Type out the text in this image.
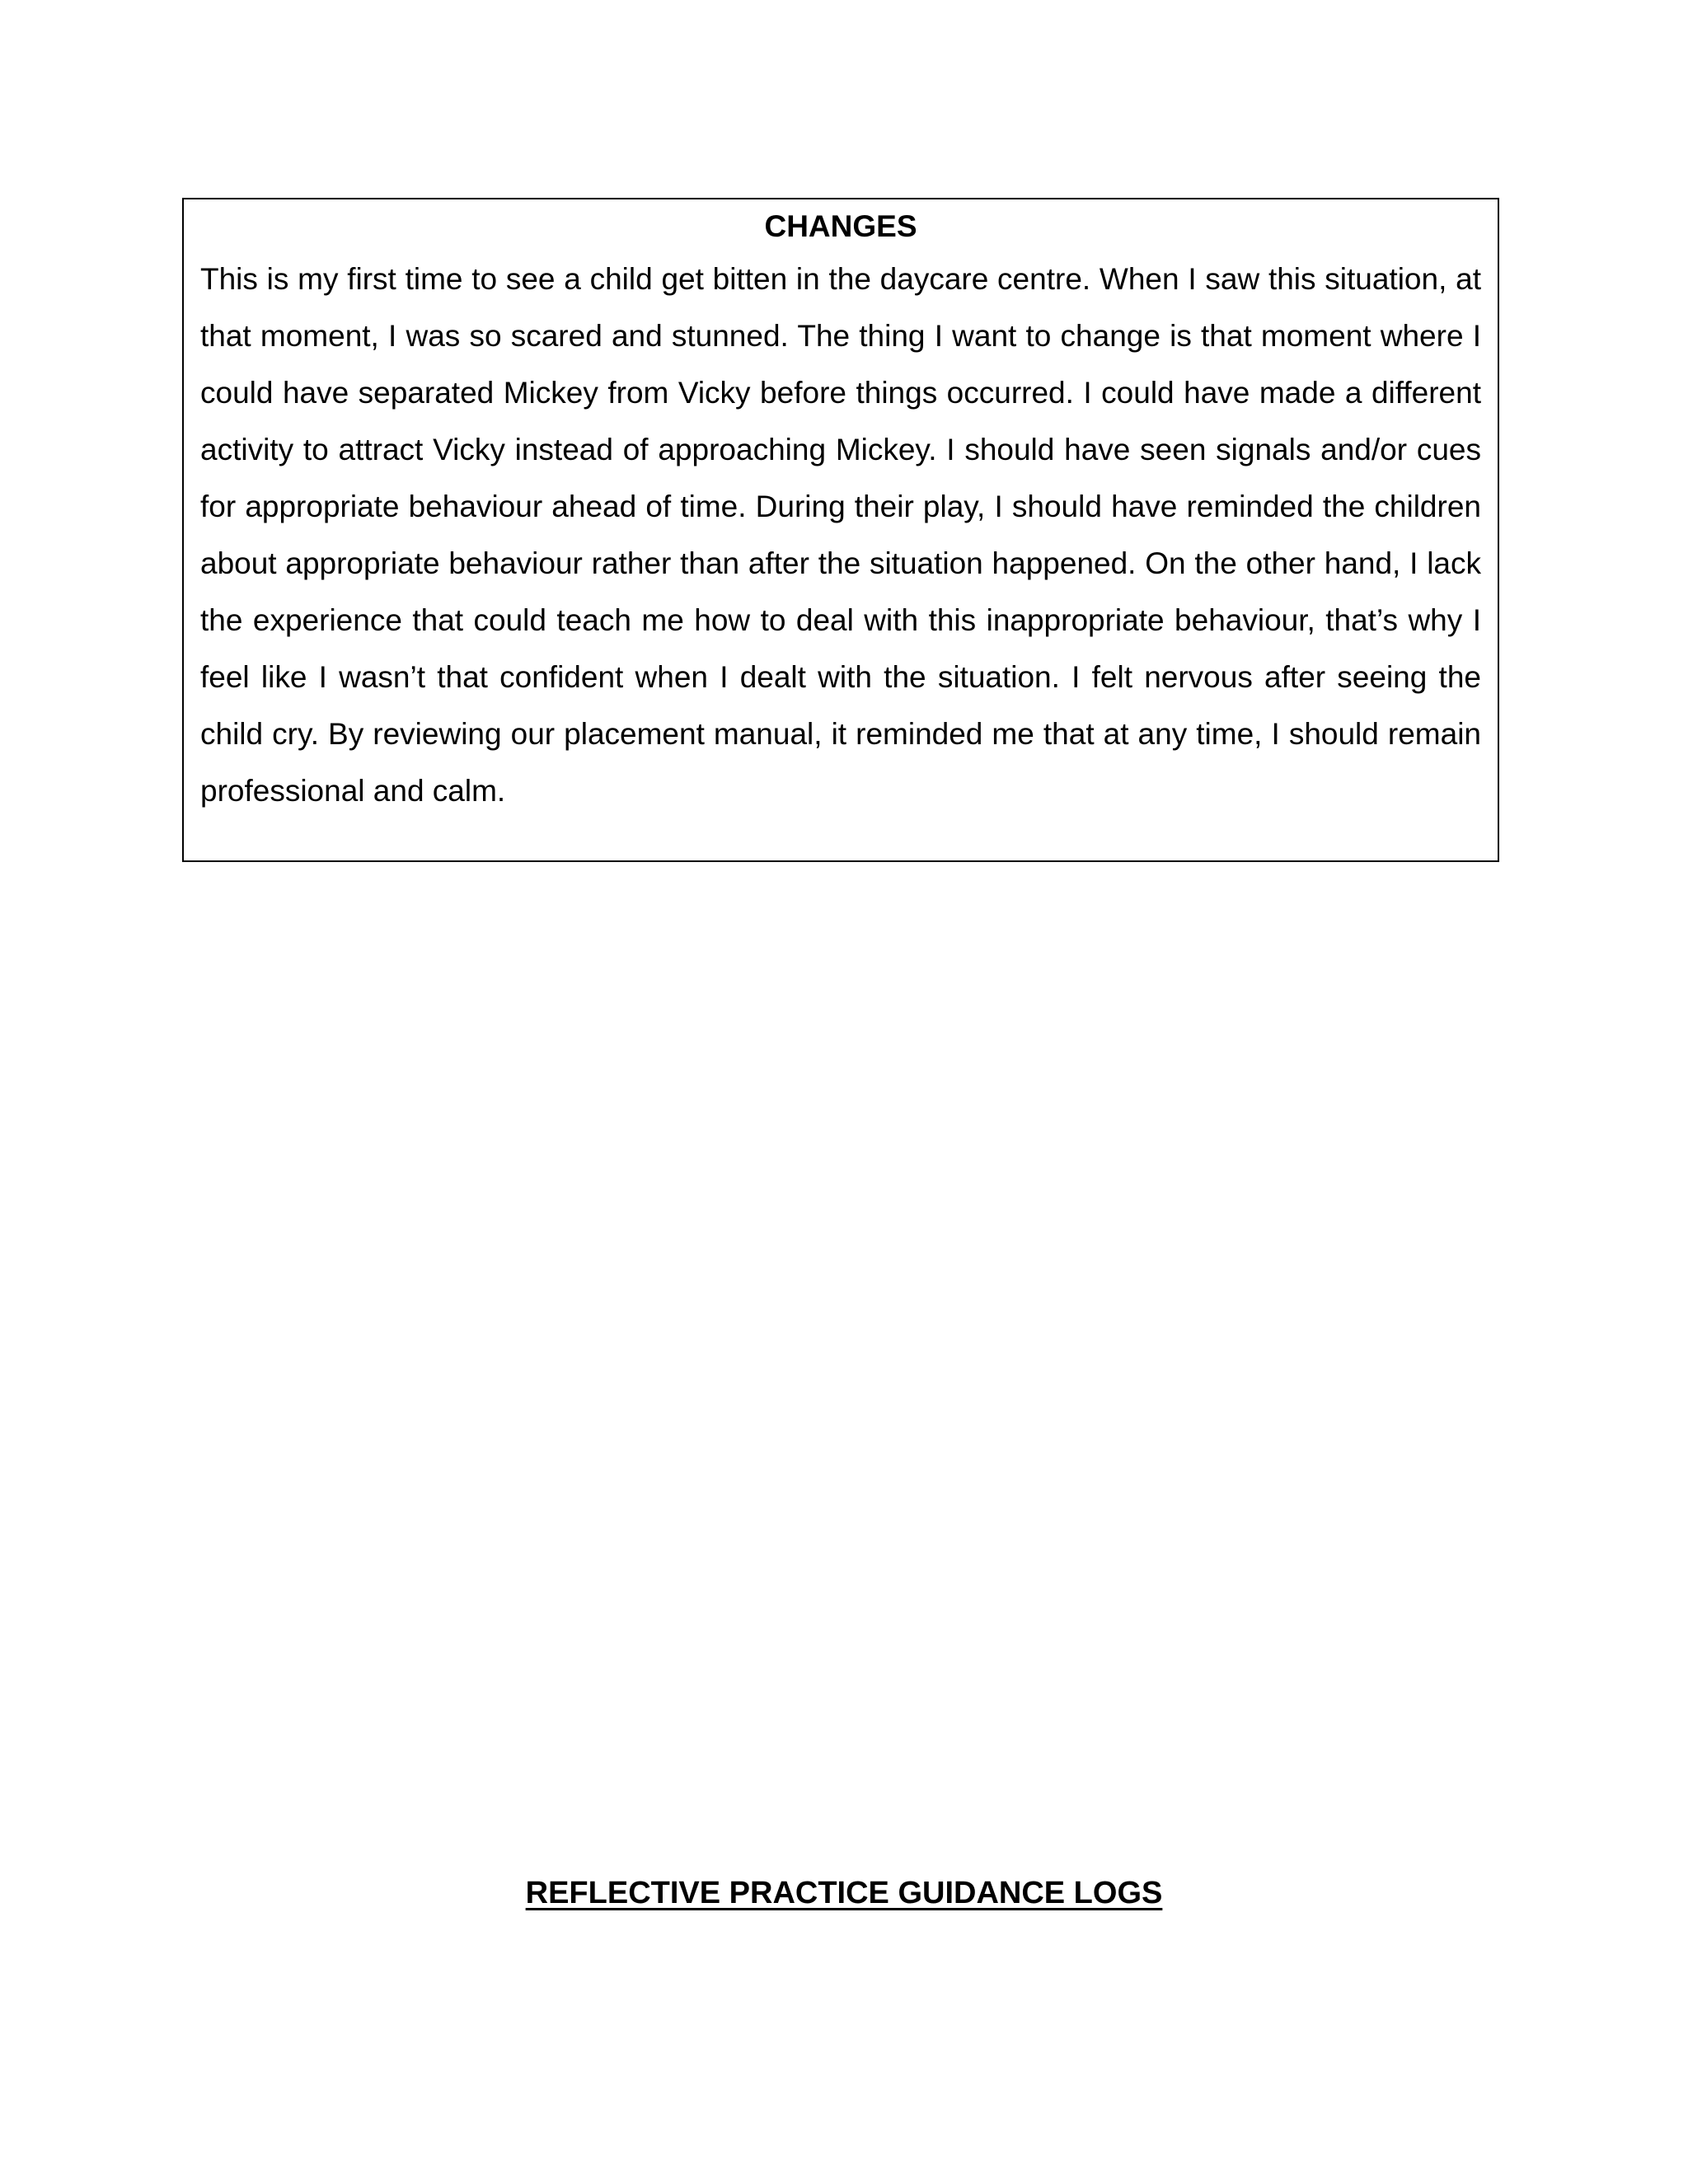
CHANGES

This is my first time to see a child get bitten in the daycare centre. When I saw this situation, at that moment, I was so scared and stunned. The thing I want to change is that moment where I could have separated Mickey from Vicky before things occurred. I could have made a different activity to attract Vicky instead of approaching Mickey. I should have seen signals and/or cues for appropriate behaviour ahead of time. During their play, I should have reminded the children about appropriate behaviour rather than after the situation happened. On the other hand, I lack the experience that could teach me how to deal with this inappropriate behaviour, that’s why I feel like I wasn’t that confident when I dealt with the situation. I felt nervous after seeing the child cry. By reviewing our placement manual, it reminded me that at any time, I should remain professional and calm.

REFLECTIVE PRACTICE GUIDANCE LOGS
